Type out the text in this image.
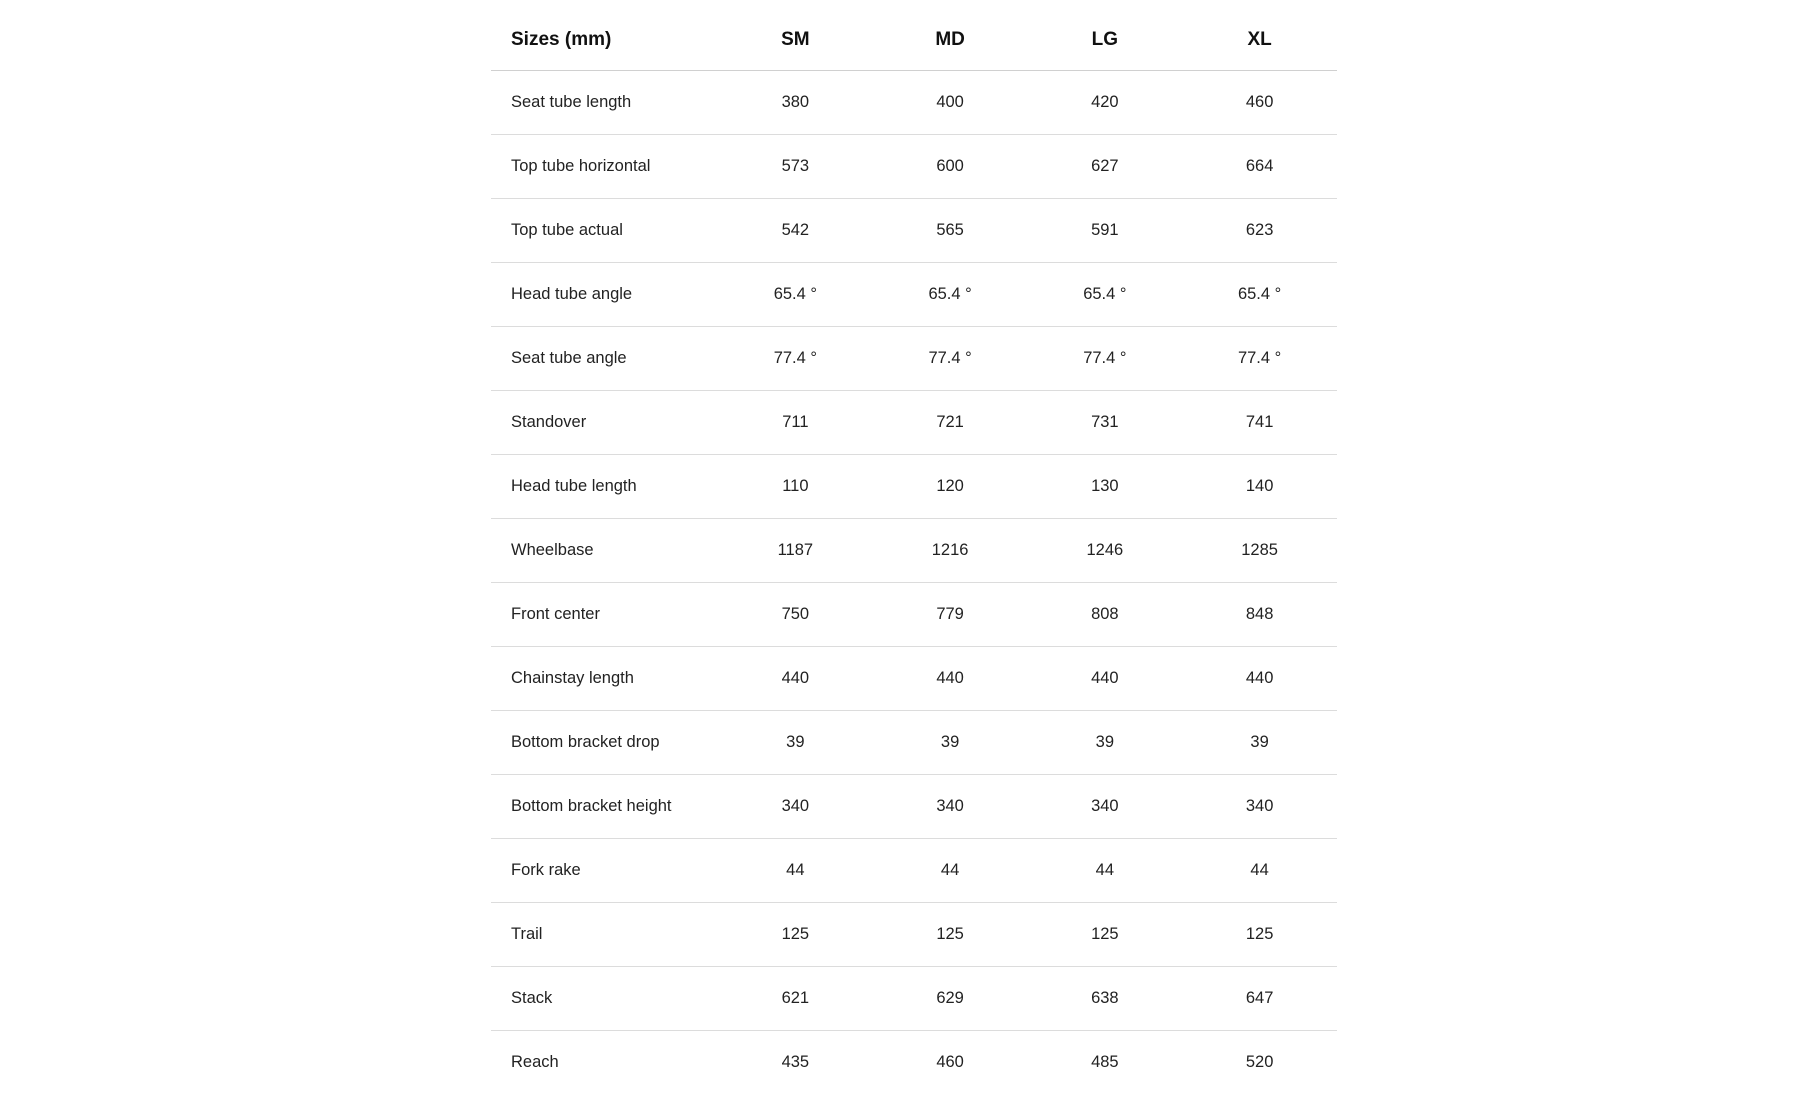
Sizes (mm)	SM	MD	LG	XL
Seat tube length	380	400	420	460
Top tube horizontal	573	600	627	664
Top tube actual	542	565	591	623
Head tube angle	65.4 °	65.4 °	65.4 °	65.4 °
Seat tube angle	77.4 °	77.4 °	77.4 °	77.4 °
Standover	711	721	731	741
Head tube length	110	120	130	140
Wheelbase	1187	1216	1246	1285
Front center	750	779	808	848
Chainstay length	440	440	440	440
Bottom bracket drop	39	39	39	39
Bottom bracket height	340	340	340	340
Fork rake	44	44	44	44
Trail	125	125	125	125
Stack	621	629	638	647
Reach	435	460	485	520
